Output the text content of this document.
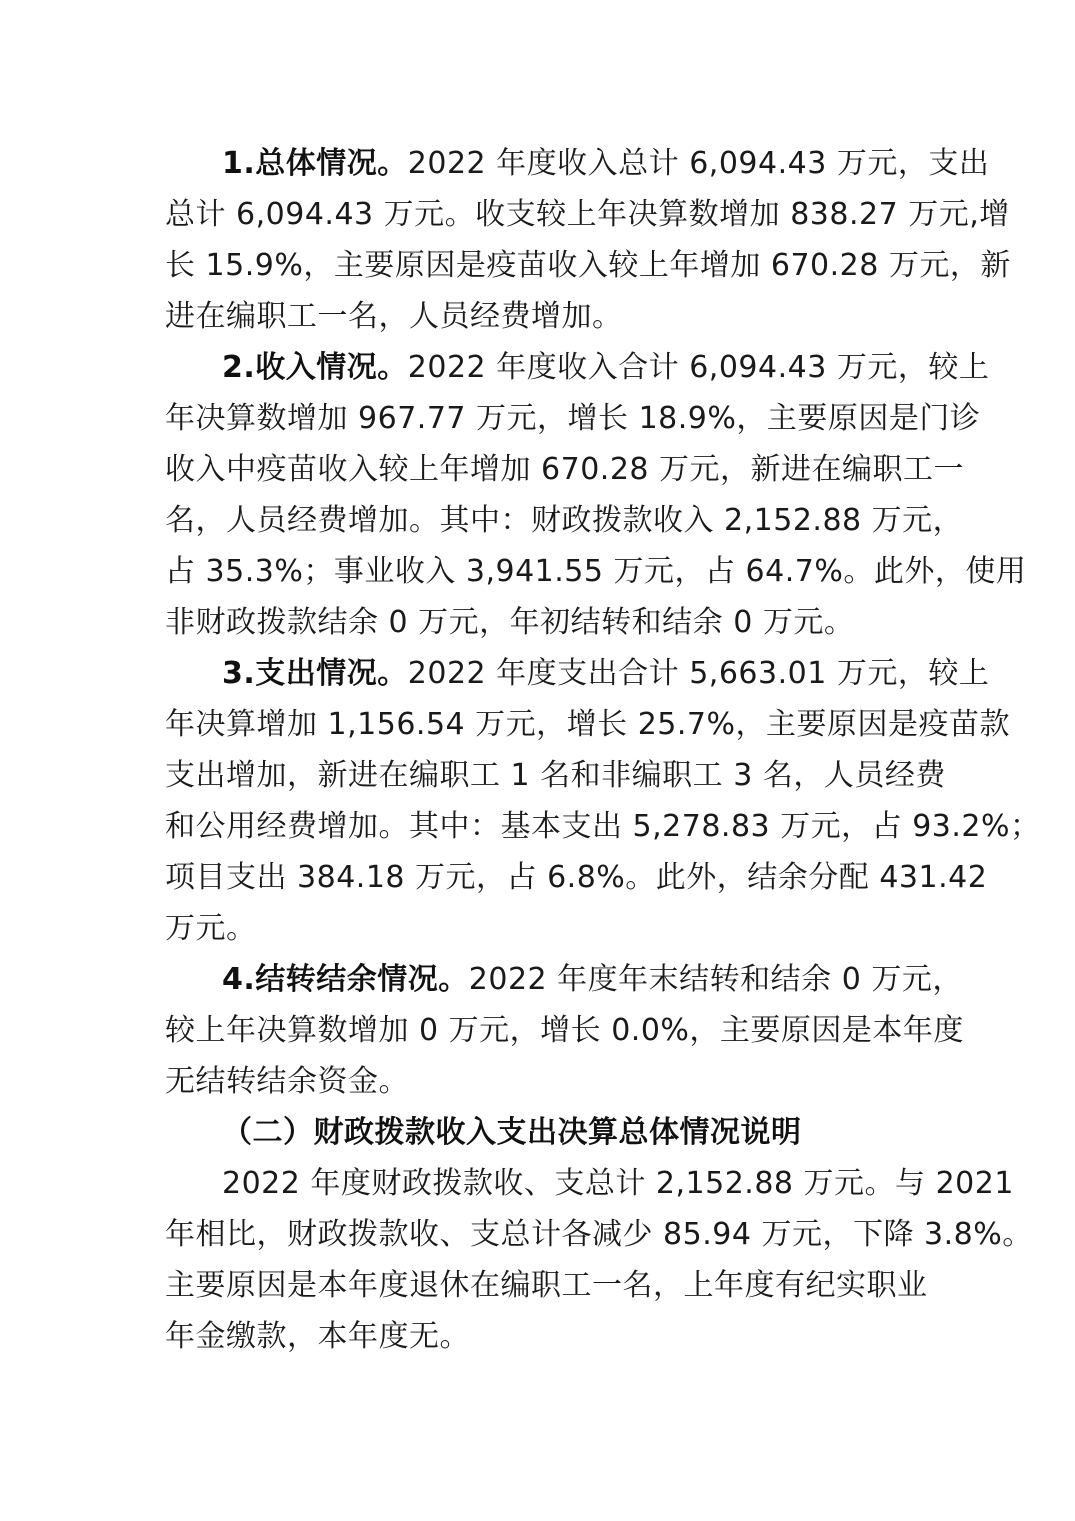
1.总体情况。2022 年度收入总计 6,094.43 万元，支出
总计 6,094.43 万元。收支较上年决算数增加 838.27 万元,增
长 15.9%，主要原因是疫苗收入较上年增加 670.28 万元，新
进在编职工一名，人员经费增加。
2.收入情况。2022 年度收入合计 6,094.43 万元，较上
年决算数增加 967.77 万元，增长 18.9%，主要原因是门诊
收入中疫苗收入较上年增加 670.28 万元，新进在编职工一
名，人员经费增加。其中：财政拨款收入 2,152.88 万元，
占 35.3%；事业收入 3,941.55 万元，占 64.7%。此外，使用
非财政拨款结余 0 万元，年初结转和结余 0 万元。
3.支出情况。2022 年度支出合计 5,663.01 万元，较上
年决算增加 1,156.54 万元，增长 25.7%，主要原因是疫苗款
支出增加，新进在编职工 1 名和非编职工 3 名，人员经费
和公用经费增加。其中：基本支出 5,278.83 万元，占 93.2%；
项目支出 384.18 万元，占 6.8%。此外，结余分配 431.42
万元。
4.结转结余情况。2022 年度年末结转和结余 0 万元，
较上年决算数增加 0 万元，增长 0.0%，主要原因是本年度
无结转结余资金。
（二）财政拨款收入支出决算总体情况说明
2022 年度财政拨款收、支总计 2,152.88 万元。与 2021
年相比，财政拨款收、支总计各减少 85.94 万元，下降 3.8%。
主要原因是本年度退休在编职工一名，上年度有纪实职业
年金缴款，本年度无。
